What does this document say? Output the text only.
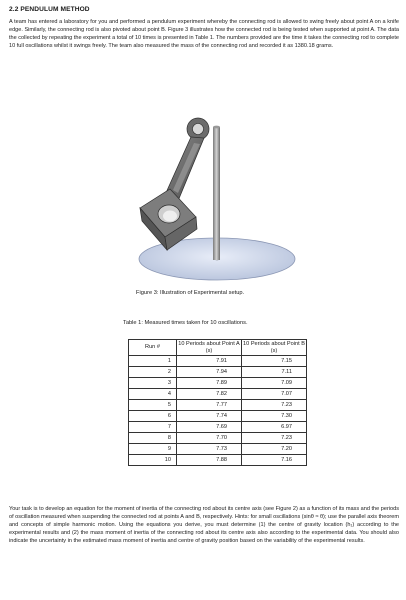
2.2 PENDULUM METHOD

A team has entered a laboratory for you and performed a pendulum experiment whereby the connecting rod is allowed to swing freely about point A on a knife edge. Similarly, the connecting rod is also pivoted about point B. Figure 3 illustrates how the connected rod is being tested when supported at point A. The data the collected by repeating the experiment a total of 10 times is presented in Table 1. The numbers provided are the time it takes the connecting rod to complete 10 full oscillations whilst it swings freely. The team also measured the mass of the connecting rod and recorded it as 1380.18 grams.

Figure 3: Illustration of Experimental setup.
Table 1: Measured times taken for 10 oscillations.
Run #	10 Periods about Point A (s)	10 Periods about Point B (s)
1	7.91	7.15
2	7.94	7.11
3	7.89	7.09
4	7.82	7.07
5	7.77	7.23
6	7.74	7.30
7	7.69	6.97
8	7.70	7.23
9	7.73	7.20
10	7.88	7.16

Your task is to develop an equation for the moment of inertia of the connecting rod about its centre axis (see Figure 2) as a function of its mass and the periods of oscillation measured when suspending the connected rod at points A and B, respectively. Hints: for small oscillations (sinθ ≈ θ); use the parallel axis theorem and concepts of simple harmonic motion. Using the equations you derive, you must determine (1) the centre of gravity location (h₁) according to the experimental results and (2) the mass moment of inertia of the connecting rod about its centre axis also according to the experimental data. You should also indicate the uncertainty in the estimated mass moment of inertia and centre of gravity position based on the variability of the experimental results.
